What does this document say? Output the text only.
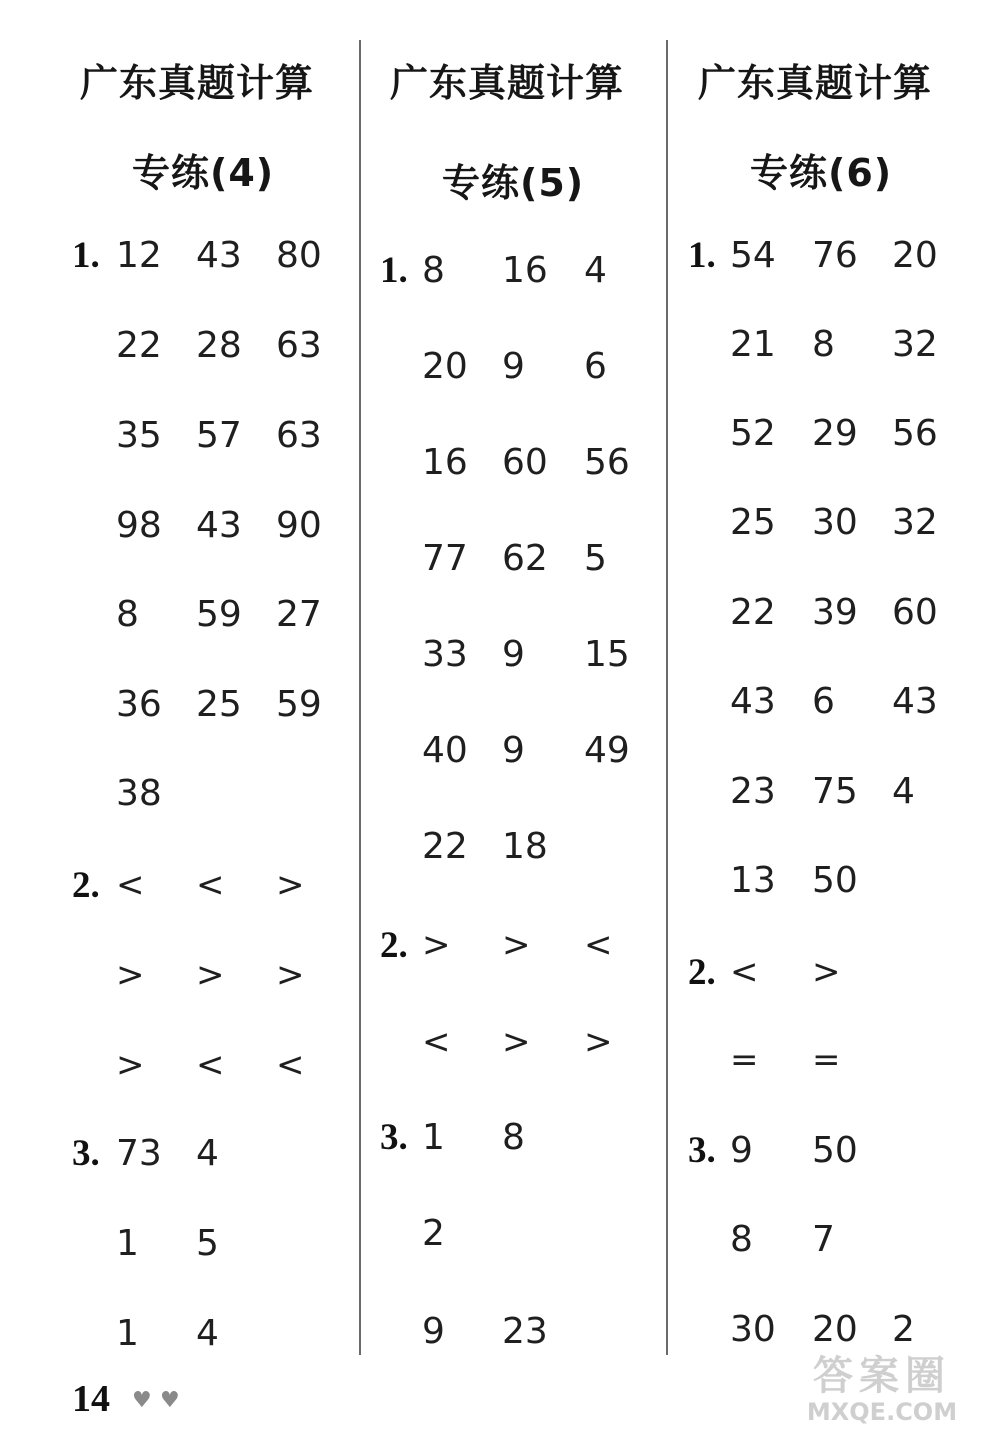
广东真题计算
专练(4)
1. 12 43 80
22 28 63
35 57 63
98 43 90
8 59 27
36 25 59
38
2. < < >
> > >
> < <
3. 73 4
1 5
1 4
广东真题计算
专练(5)
1. 8 16 4
20 9 6
16 60 56
77 62 5
33 9 15
40 9 49
22 18
2. > > <
< > >
3. 1 8
2
9 23
广东真题计算
专练(6)
1. 54 76 20
21 8 32
52 29 56
25 30 32
22 39 60
43 6 43
23 75 4
13 50
2. < >
= =
3. 9 50
8 7
30 20 2
14 ♥ ♥
答案圈
MXQE.COM
